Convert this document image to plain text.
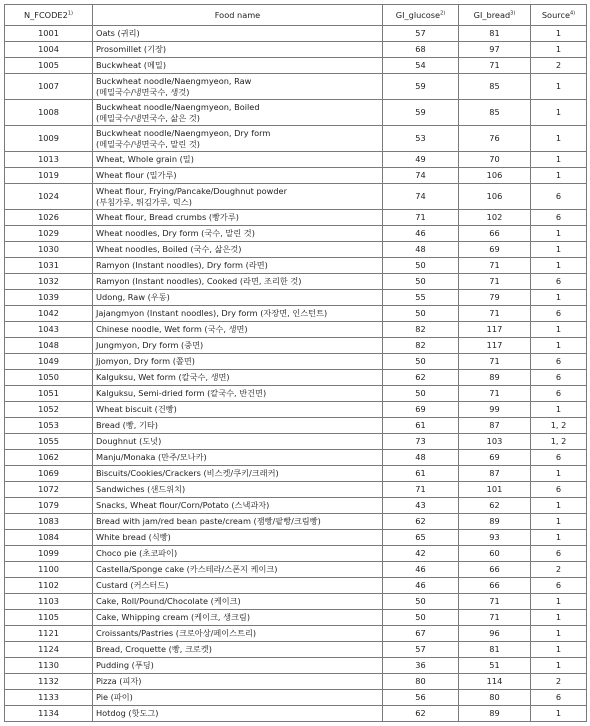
N_FCODE2$^{1)}$	Food name	GI_glucose$^{2)}$	GI_bread$^{3)}$	Source$^{4)}$
1001	Oats (귀리)	57	81	1
1004	Prosomillet (기장)	68	97	1
1005	Buckwheat (메밀)	54	71	2
1007	Buckwheat noodle/Naengmyeon, Raw
(메밀국수/냉면국수, 생것)	59	85	1
1008	Buckwheat noodle/Naengmyeon, Boiled
(메밀국수/냉면국수, 삶은 것)	59	85	1
1009	Buckwheat noodle/Naengmyeon, Dry form
(메밀국수/냉면국수, 말린 것)	53	76	1
1013	Wheat, Whole grain (밀)	49	70	1
1019	Wheat flour (밀가루)	74	106	1
1024	Wheat flour, Frying/Pancake/Doughnut powder
(부침가루, 튀김가루, 믹스)	74	106	6
1026	Wheat flour, Bread crumbs (빵가루)	71	102	6
1029	Wheat noodles, Dry form (국수, 말린 것)	46	66	1
1030	Wheat noodles, Boiled (국수, 삶은것)	48	69	1
1031	Ramyon (Instant noodles), Dry form (라면)	50	71	1
1032	Ramyon (Instant noodles), Cooked (라면, 조리한 것)	50	71	6
1039	Udong, Raw (우동)	55	79	1
1042	Jajangmyon (Instant noodles), Dry form (자장면, 인스턴트)	50	71	6
1043	Chinese noodle, Wet form (국수, 생면)	82	117	1
1048	Jungmyon, Dry form (중면)	82	117	1
1049	Jjomyon, Dry form (쫄면)	50	71	6
1050	Kalguksu, Wet form (칼국수, 생면)	62	89	6
1051	Kalguksu, Semi-dried form (칼국수, 반건면)	50	71	6
1052	Wheat biscuit (건빵)	69	99	1
1053	Bread (빵, 기타)	61	87	1, 2
1055	Doughnut (도넛)	73	103	1, 2
1062	Manju/Monaka (만주/모나카)	48	69	6
1069	Biscuits/Cookies/Crackers (비스켓/쿠키/크래커)	61	87	1
1072	Sandwiches (샌드위치)	71	101	6
1079	Snacks, Wheat flour/Corn/Potato (스낵과자)	43	62	1
1083	Bread with jam/red bean paste/cream (잼빵/팥빵/크림빵)	62	89	1
1084	White bread (식빵)	65	93	1
1099	Choco pie (초코파이)	42	60	6
1100	Castella/Sponge cake (카스테라/스폰지 케이크)	46	66	2
1102	Custard (커스터드)	46	66	6
1103	Cake, Roll/Pound/Chocolate (케이크)	50	71	1
1105	Cake, Whipping cream (케이크, 생크림)	50	71	1
1121	Croissants/Pastries (크로아상/페이스트리)	67	96	1
1124	Bread, Croquette (빵, 크로켓)	57	81	1
1130	Pudding (푸딩)	36	51	1
1132	Pizza (피자)	80	114	2
1133	Pie (파이)	56	80	6
1134	Hotdog (핫도그)	62	89	1
